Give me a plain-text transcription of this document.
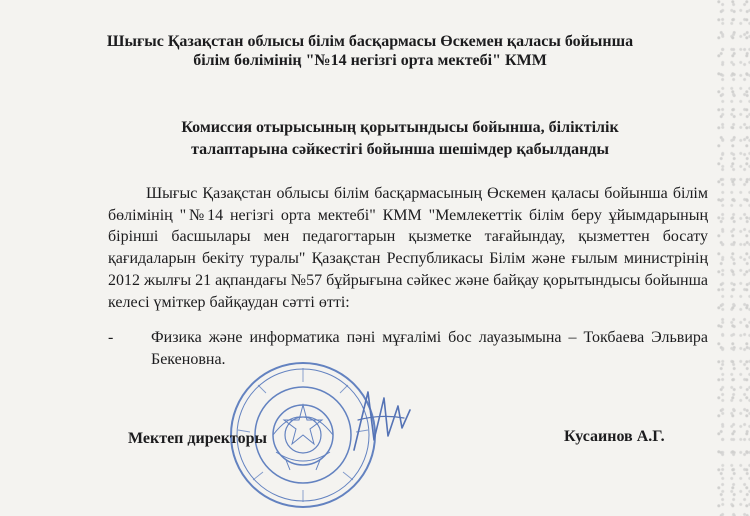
Шығыс Қазақстан облысы білім басқармасы Өскемен қаласы бойынша
білім бөлімінің "№14 негізгі орта мектебі" КММ
Комиссия отырысының қорытындысы бойынша, біліктілік
талаптарына сәйкестігі бойынша шешімдер қабылданды

Шығыс Қазақстан облысы білім басқармасының Өскемен қаласы бойынша білім бөлімінің "№14 негізгі орта мектебі" КММ "Мемлекеттік білім беру ұйымдарының бірінші басшылары мен педагогтарын қызметке тағайындау, қызметтен босату қағидаларын бекіту туралы" Қазақстан Республикасы Білім және ғылым министрінің 2012 жылғы 21 ақпандағы №57 бұйрығына сәйкес және байқау қорытындысы бойынша келесі үміткер байқаудан сәтті өтті:

-	Физика және информатика пәні мұғалімі бос лауазымына – Токбаева Эльвира Бекеновна.
Мектеп директоры	Кусаинов А.Г.
